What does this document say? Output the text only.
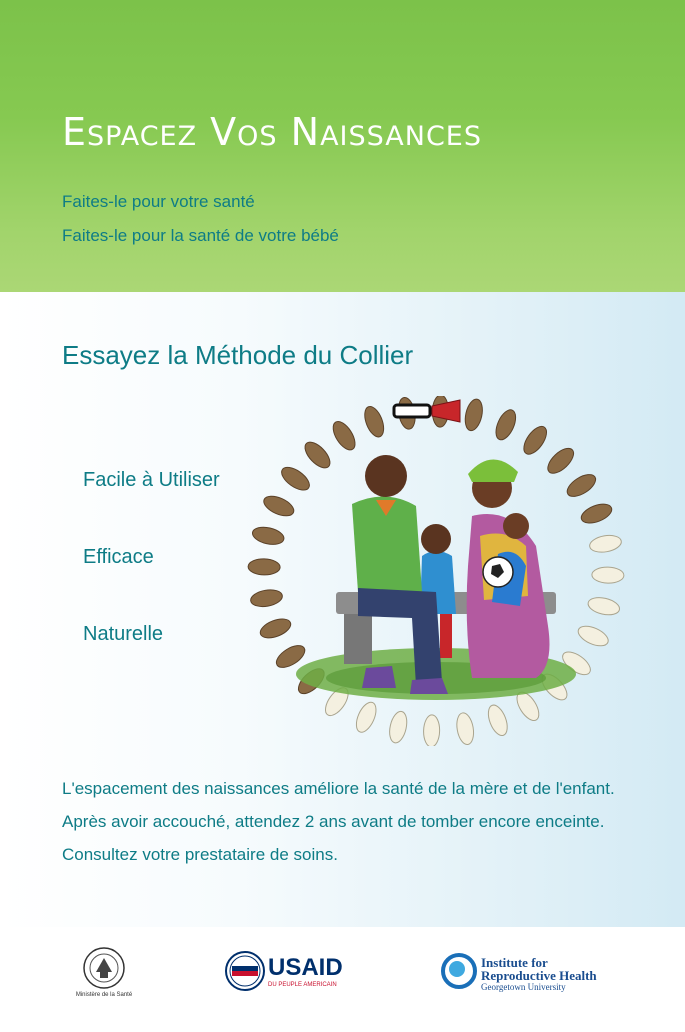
Espacez Vos Naissances
Faites-le pour votre santé
Faites-le pour la santé de votre bébé
Essayez la Méthode du Collier
Facile à Utiliser
Efficace
Naturelle

L'espacement des naissances améliore la santé de la mère et de l'enfant. Après avoir accouché, attendez 2 ans avant de tomber encore enceinte. Consultez votre prestataire de soins.

Ministère de la Santé
USAID
DU PEUPLE AMERICAIN
Institute for
Reproductive Health
Georgetown University
